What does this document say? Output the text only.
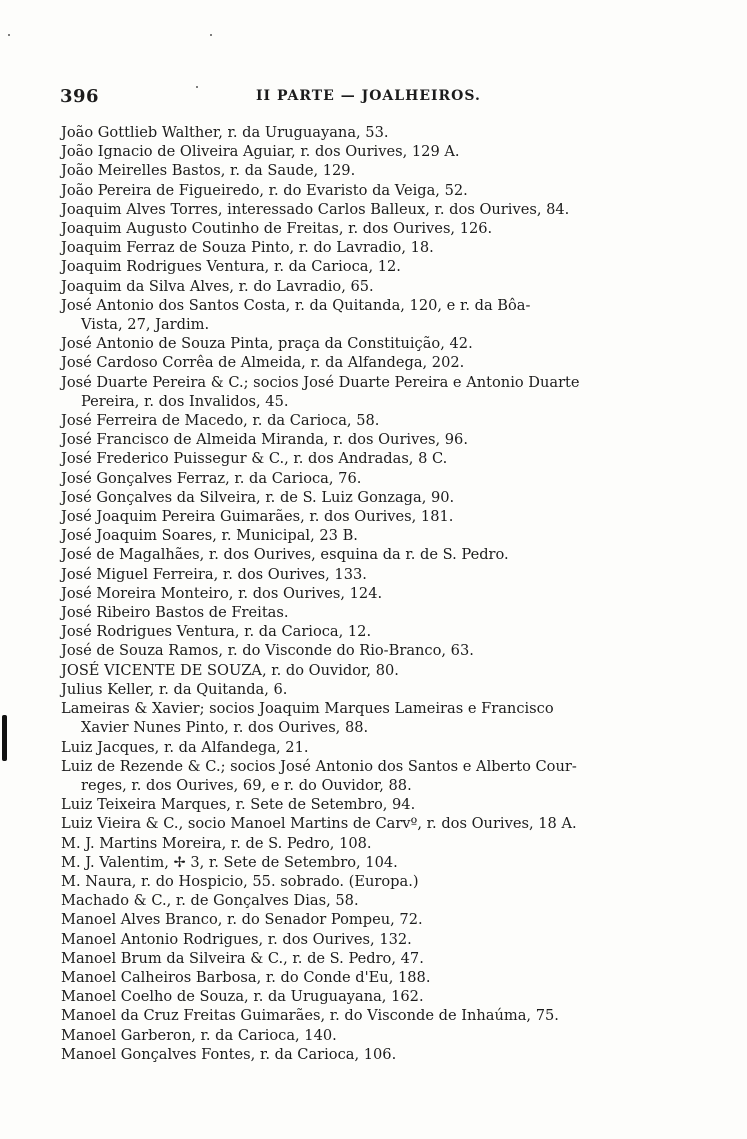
396	II PARTE — JOALHEIROS.
João Gottlieb Walther, r. da Uruguayana, 53.
João Ignacio de Oliveira Aguiar, r. dos Ourives, 129 A.
João Meirelles Bastos, r. da Saude, 129.
João Pereira de Figueiredo, r. do Evaristo da Veiga, 52.
Joaquim Alves Torres, interessado Carlos Balleux, r. dos Ourives, 84.
Joaquim Augusto Coutinho de Freitas, r. dos Ourives, 126.
Joaquim Ferraz de Souza Pinto, r. do Lavradio, 18.
Joaquim Rodrigues Ventura, r. da Carioca, 12.
Joaquim da Silva Alves, r. do Lavradio, 65.
José Antonio dos Santos Costa, r. da Quitanda, 120, e r. da Bôa-
Vista, 27, Jardim.
José Antonio de Souza Pinta, praça da Constituição, 42.
José Cardoso Corrêa de Almeida, r. da Alfandega, 202.
José Duarte Pereira & C.; socios José Duarte Pereira e Antonio Duarte
Pereira, r. dos Invalidos, 45.
José Ferreira de Macedo, r. da Carioca, 58.
José Francisco de Almeida Miranda, r. dos Ourives, 96.
José Frederico Puissegur & C., r. dos Andradas, 8 C.
José Gonçalves Ferraz, r. da Carioca, 76.
José Gonçalves da Silveira, r. de S. Luiz Gonzaga, 90.
José Joaquim Pereira Guimarães, r. dos Ourives, 181.
José Joaquim Soares, r. Municipal, 23 B.
José de Magalhães, r. dos Ourives, esquina da r. de S. Pedro.
José Miguel Ferreira, r. dos Ourives, 133.
José Moreira Monteiro, r. dos Ourives, 124.
José Ribeiro Bastos de Freitas.
José Rodrigues Ventura, r. da Carioca, 12.
José de Souza Ramos, r. do Visconde do Rio-Branco, 63.
JOSÉ VICENTE DE SOUZA, r. do Ouvidor, 80.
Julius Keller, r. da Quitanda, 6.
Lameiras & Xavier; socios Joaquim Marques Lameiras e Francisco
Xavier Nunes Pinto, r. dos Ourives, 88.
Luiz Jacques, r. da Alfandega, 21.
Luiz de Rezende & C.; socios José Antonio dos Santos e Alberto Cour-
reges, r. dos Ourives, 69, e r. do Ouvidor, 88.
Luiz Teixeira Marques, r. Sete de Setembro, 94.
Luiz Vieira & C., socio Manoel Martins de Carvº, r. dos Ourives, 18 A.
M. J. Martins Moreira, r. de S. Pedro, 108.
M. J. Valentim, ✢ 3, r. Sete de Setembro, 104.
M. Naura, r. do Hospicio, 55. sobrado. (Europa.)
Machado & C., r. de Gonçalves Dias, 58.
Manoel Alves Branco, r. do Senador Pompeu, 72.
Manoel Antonio Rodrigues, r. dos Ourives, 132.
Manoel Brum da Silveira & C., r. de S. Pedro, 47.
Manoel Calheiros Barbosa, r. do Conde d'Eu, 188.
Manoel Coelho de Souza, r. da Uruguayana, 162.
Manoel da Cruz Freitas Guimarães, r. do Visconde de Inhaúma, 75.
Manoel Garberon, r. da Carioca, 140.
Manoel Gonçalves Fontes, r. da Carioca, 106.
